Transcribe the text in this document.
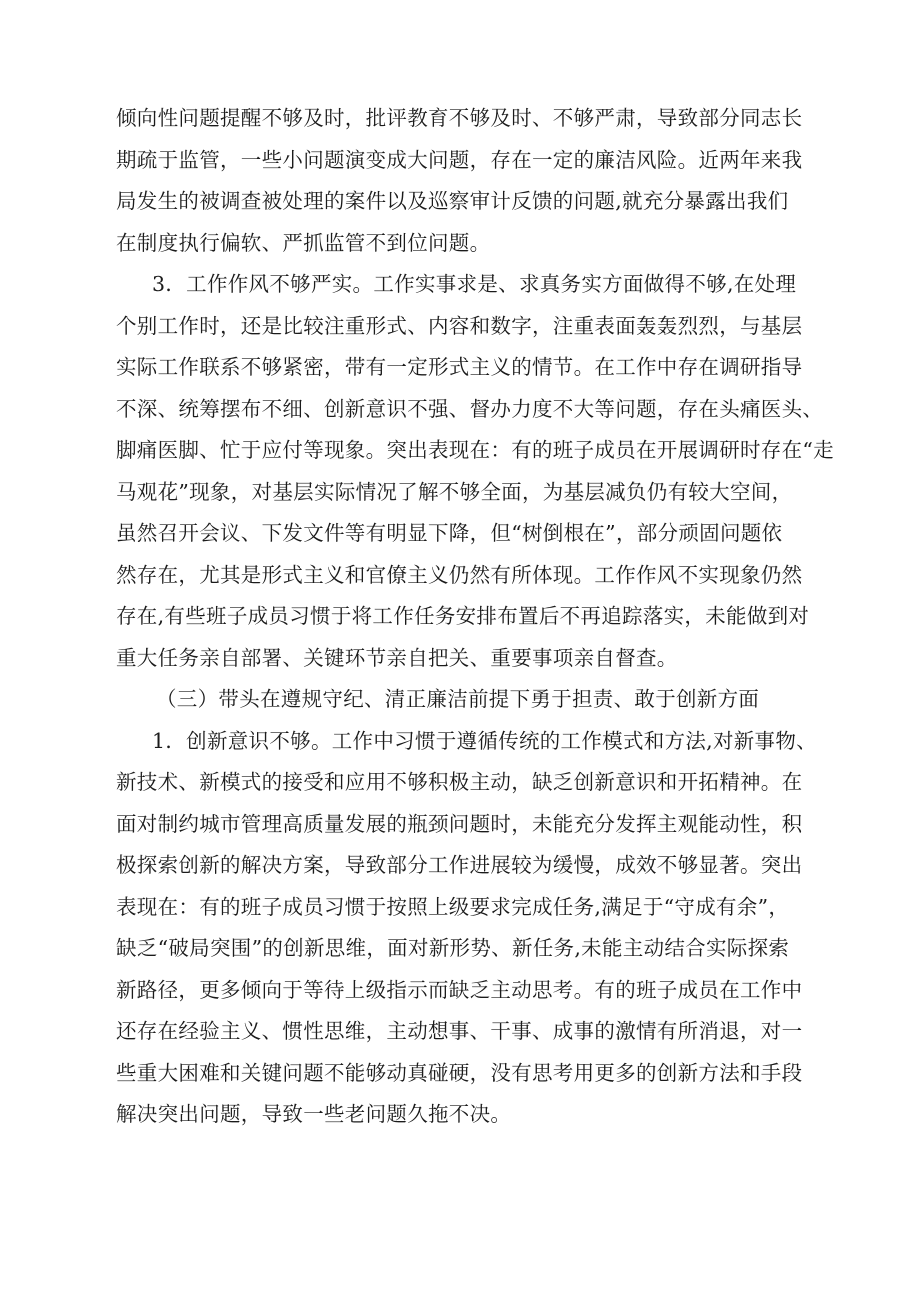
倾向性问题提醒不够及时，批评教育不够及时、不够严肃，导致部分同志长
期疏于监管，一些小问题演变成大问题，存在一定的廉洁风险。近两年来我
局发生的被调查被处理的案件以及巡察审计反馈的问题,就充分暴露出我们
在制度执行偏软、严抓监管不到位问题。
3．工作作风不够严实。工作实事求是、求真务实方面做得不够,在处理
个别工作时，还是比较注重形式、内容和数字，注重表面轰轰烈烈，与基层
实际工作联系不够紧密，带有一定形式主义的情节。在工作中存在调研指导
不深、统筹摆布不细、创新意识不强、督办力度不大等问题，存在头痛医头、
脚痛医脚、忙于应付等现象。突出表现在：有的班子成员在开展调研时存在“走
马观花”现象，对基层实际情况了解不够全面，为基层减负仍有较大空间，
虽然召开会议、下发文件等有明显下降，但“树倒根在”，部分顽固问题依
然存在，尤其是形式主义和官僚主义仍然有所体现。工作作风不实现象仍然
存在,有些班子成员习惯于将工作任务安排布置后不再追踪落实，未能做到对
重大任务亲自部署、关键环节亲自把关、重要事项亲自督查。
（三）带头在遵规守纪、清正廉洁前提下勇于担责、敢于创新方面
1．创新意识不够。工作中习惯于遵循传统的工作模式和方法,对新事物、
新技术、新模式的接受和应用不够积极主动，缺乏创新意识和开拓精神。在
面对制约城市管理高质量发展的瓶颈问题时，未能充分发挥主观能动性，积
极探索创新的解决方案，导致部分工作进展较为缓慢，成效不够显著。突出
表现在：有的班子成员习惯于按照上级要求完成任务,满足于“守成有余”，
缺乏“破局突围”的创新思维，面对新形势、新任务,未能主动结合实际探索
新路径，更多倾向于等待上级指示而缺乏主动思考。有的班子成员在工作中
还存在经验主义、惯性思维，主动想事、干事、成事的激情有所消退，对一
些重大困难和关键问题不能够动真碰硬，没有思考用更多的创新方法和手段
解决突出问题，导致一些老问题久拖不决。
